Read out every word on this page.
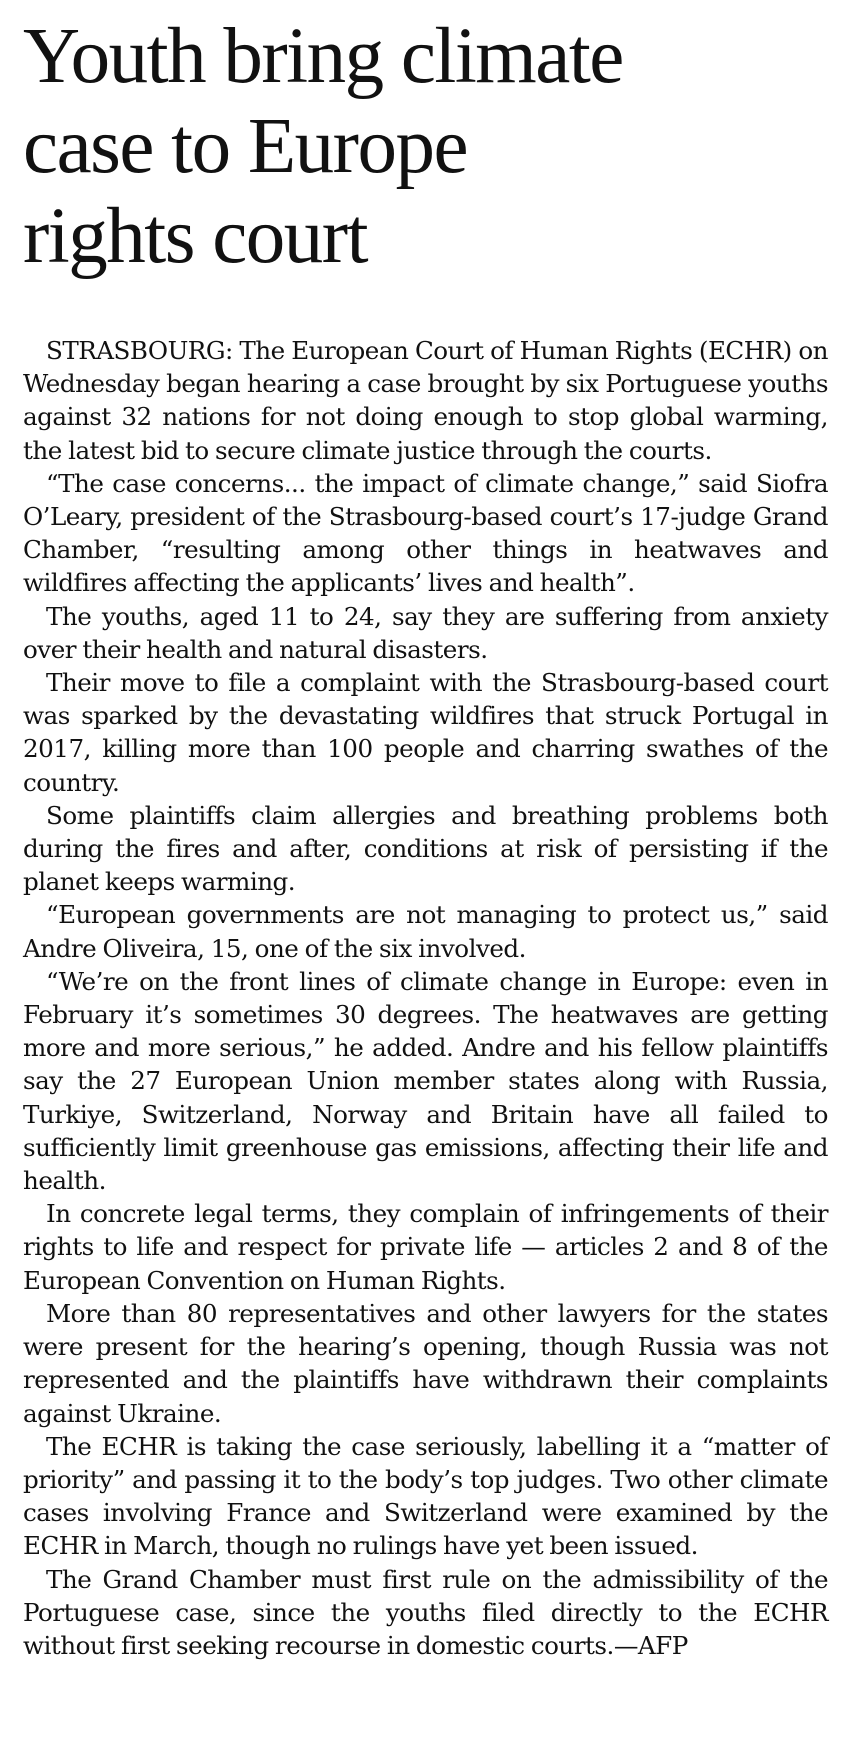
Youth bring climate
case to Europe
rights court

STRASBOURG: The European Court of Human Rights (ECHR) on Wednesday began hearing a case brought by six Portuguese youths against 32 nations for not doing enough to stop global warming, the latest bid to secure climate justice through the courts.

“The case concerns... the impact of climate change,” said Siofra O’Leary, president of the Strasbourg-based court’s 17-judge Grand Chamber, “resulting among other things in heatwaves and wildfires affecting the applicants’ lives and health”.

The youths, aged 11 to 24, say they are suffering from anxiety over their health and natural disasters.

Their move to file a complaint with the Strasbourg-based court was sparked by the devastating wildfires that struck Portugal in 2017, killing more than 100 people and charring swathes of the country.

Some plaintiffs claim allergies and breathing problems both during the fires and after, conditions at risk of persisting if the planet keeps warming.

“European governments are not managing to protect us,” said Andre Oliveira, 15, one of the six involved.

“We’re on the front lines of climate change in Europe: even in February it’s sometimes 30 degrees. The heatwaves are getting more and more serious,” he added. Andre and his fellow plaintiffs say the 27 European Union member states along with Russia, Turkiye, Switzerland, Norway and Britain have all failed to sufficiently limit greenhouse gas emissions, affecting their life and health.

In concrete legal terms, they complain of infringements of their rights to life and respect for private life — articles 2 and 8 of the European Convention on Human Rights.

More than 80 representatives and other lawyers for the states were present for the hearing’s opening, though Russia was not represented and the plaintiffs have withdrawn their complaints against Ukraine.

The ECHR is taking the case seriously, labelling it a “matter of priority” and passing it to the body’s top judges. Two other climate cases involving France and Switzerland were examined by the ECHR in March, though no rulings have yet been issued.

The Grand Chamber must first rule on the admissibility of the Portuguese case, since the youths filed directly to the ECHR without first seeking recourse in domestic courts.—AFP
